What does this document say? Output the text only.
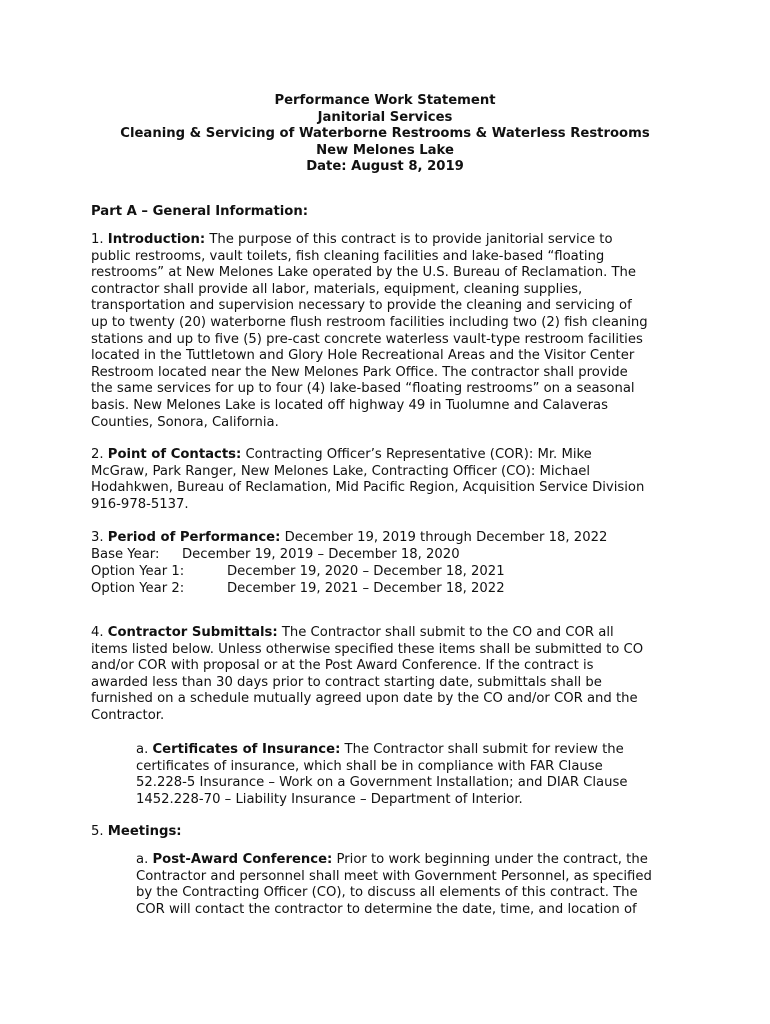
Performance Work Statement
Janitorial Services
Cleaning & Servicing of Waterborne Restrooms & Waterless Restrooms
New Melones Lake
Date: August 8, 2019
Part A – General Information:
1. Introduction: The purpose of this contract is to provide janitorial service to
public restrooms, vault toilets, fish cleaning facilities and lake-based “floating
restrooms” at New Melones Lake operated by the U.S. Bureau of Reclamation. The
contractor shall provide all labor, materials, equipment, cleaning supplies,
transportation and supervision necessary to provide the cleaning and servicing of
up to twenty (20) waterborne flush restroom facilities including two (2) fish cleaning
stations and up to five (5) pre-cast concrete waterless vault-type restroom facilities
located in the Tuttletown and Glory Hole Recreational Areas and the Visitor Center
Restroom located near the New Melones Park Office. The contractor shall provide
the same services for up to four (4) lake-based “floating restrooms” on a seasonal
basis. New Melones Lake is located off highway 49 in Tuolumne and Calaveras
Counties, Sonora, California.
2. Point of Contacts: Contracting Officer’s Representative (COR): Mr. Mike
McGraw, Park Ranger, New Melones Lake, Contracting Officer (CO): Michael
Hodahkwen, Bureau of Reclamation, Mid Pacific Region, Acquisition Service Division
916-978-5137.
3. Period of Performance: December 19, 2019 through December 18, 2022
Base Year: December 19, 2019 – December 18, 2020
Option Year 1:	December 19, 2020 – December 18, 2021
Option Year 2:	December 19, 2021 – December 18, 2022
4. Contractor Submittals: The Contractor shall submit to the CO and COR all
items listed below. Unless otherwise specified these items shall be submitted to CO
and/or COR with proposal or at the Post Award Conference. If the contract is
awarded less than 30 days prior to contract starting date, submittals shall be
furnished on a schedule mutually agreed upon date by the CO and/or COR and the
Contractor.
a. Certificates of Insurance: The Contractor shall submit for review the
certificates of insurance, which shall be in compliance with FAR Clause
52.228-5 Insurance – Work on a Government Installation; and DIAR Clause
1452.228-70 – Liability Insurance – Department of Interior.
5. Meetings:
a. Post-Award Conference: Prior to work beginning under the contract, the
Contractor and personnel shall meet with Government Personnel, as specified
by the Contracting Officer (CO), to discuss all elements of this contract. The
COR will contact the contractor to determine the date, time, and location of
